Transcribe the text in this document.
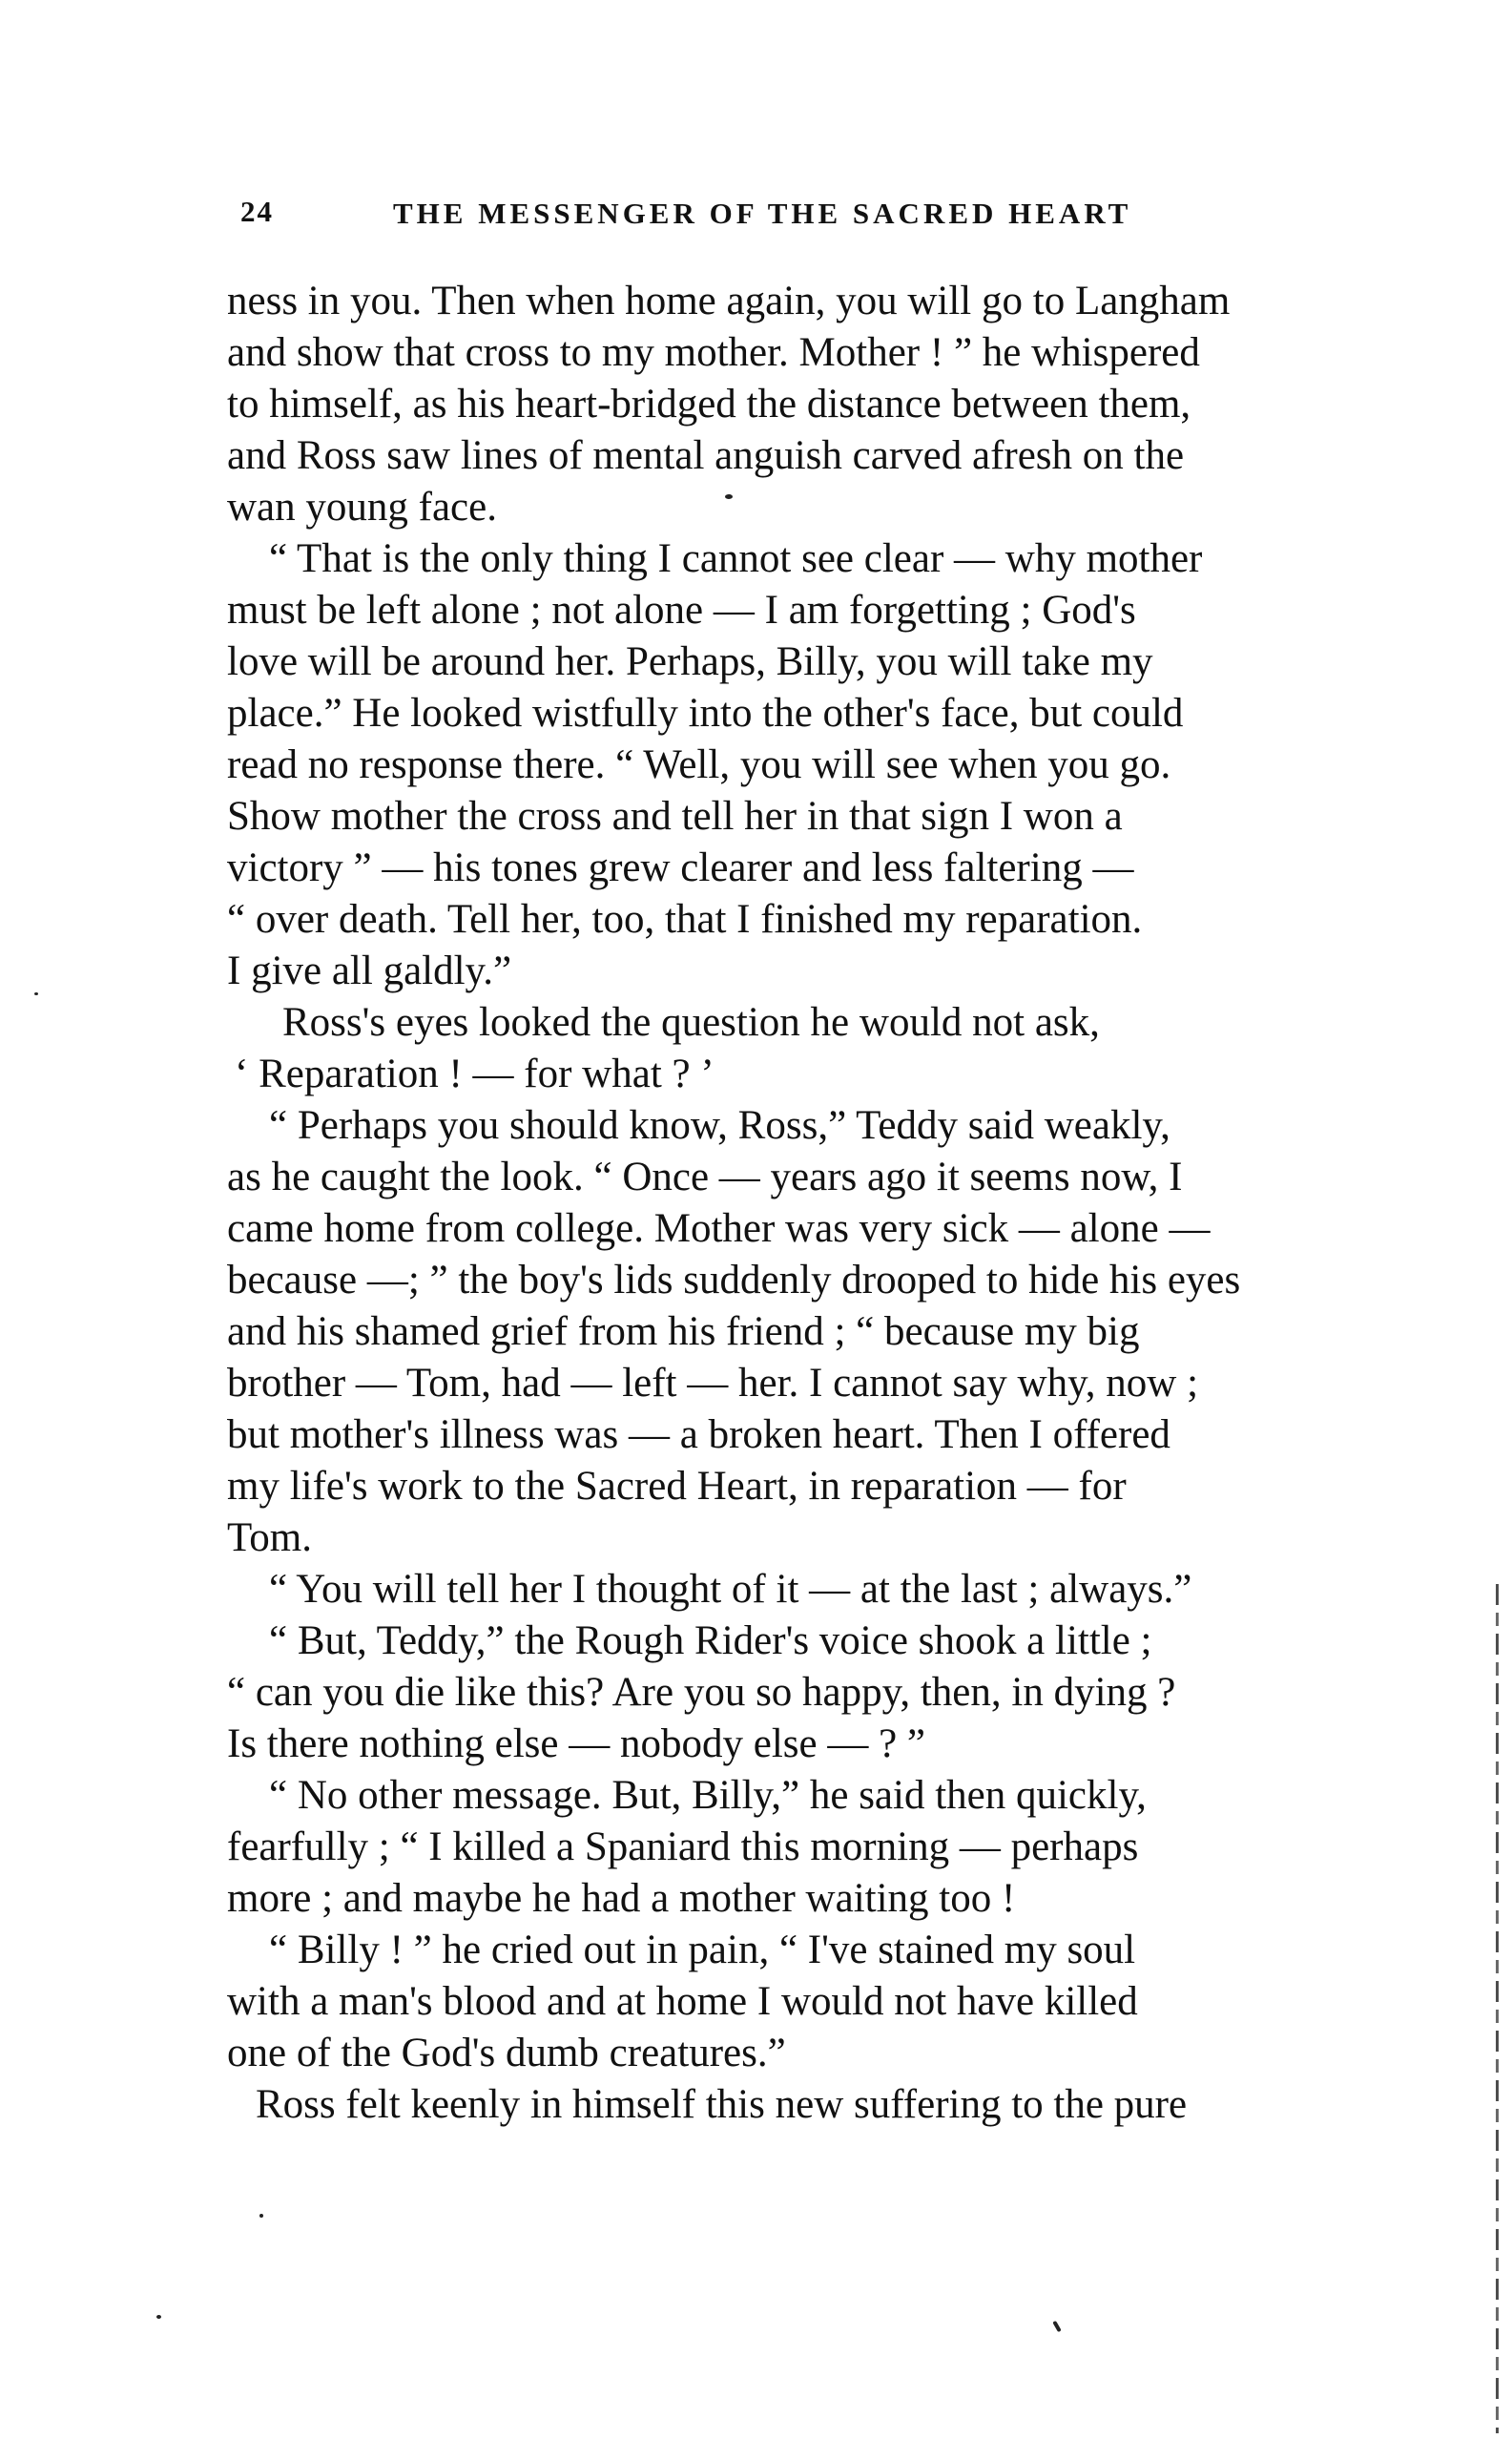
24	THE MESSENGER OF THE SACRED HEART
ness in you. Then when home again, you will go to Langham
and show that cross to my mother. Mother ! ” he whispered
to himself, as his heart-bridged the distance between them,
and Ross saw lines of mental anguish carved afresh on the
wan young face.
“ That is the only thing I cannot see clear — why mother
must be left alone ; not alone — I am forgetting ; God's
love will be around her. Perhaps, Billy, you will take my
place.” He looked wistfully into the other's face, but could
read no response there. “ Well, you will see when you go.
Show mother the cross and tell her in that sign I won a
victory ” — his tones grew clearer and less faltering —
“ over death. Tell her, too, that I finished my reparation.
I give all galdly.”
Ross's eyes looked the question he would not ask,
‘ Reparation ! — for what ? ’
“ Perhaps you should know, Ross,” Teddy said weakly,
as he caught the look. “ Once — years ago it seems now, I
came home from college. Mother was very sick — alone —
because —; ” the boy's lids suddenly drooped to hide his eyes
and his shamed grief from his friend ; “ because my big
brother — Tom, had — left — her. I cannot say why, now ;
but mother's illness was — a broken heart. Then I offered
my life's work to the Sacred Heart, in reparation — for
Tom.
“ You will tell her I thought of it — at the last ; always.”
“ But, Teddy,” the Rough Rider's voice shook a little ;
“ can you die like this? Are you so happy, then, in dying ?
Is there nothing else — nobody else — ? ”
“ No other message. But, Billy,” he said then quickly,
fearfully ; “ I killed a Spaniard this morning — perhaps
more ; and maybe he had a mother waiting too !
“ Billy ! ” he cried out in pain, “ I've stained my soul
with a man's blood and at home I would not have killed
one of the God's dumb creatures.”
Ross felt keenly in himself this new suffering to the pure
